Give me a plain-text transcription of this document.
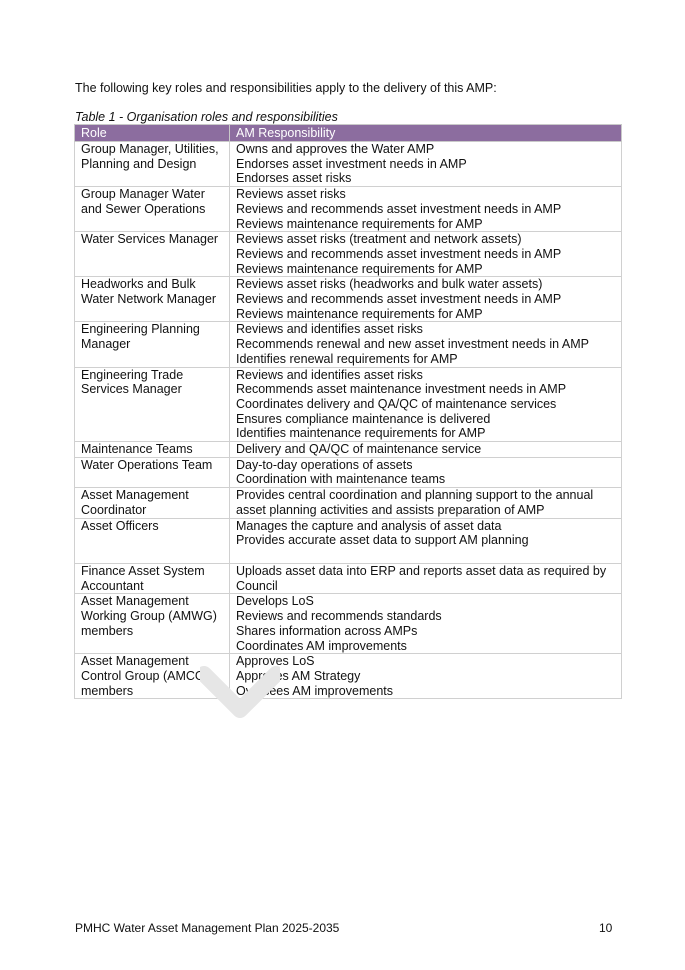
The following key roles and responsibilities apply to the delivery of this AMP:
Table 1 - Organisation roles and responsibilities
Role	AM Responsibility
Group Manager, Utilities, Planning and Design	Owns and approves the Water AMP
Endorses asset investment needs in AMP
Endorses asset risks

Group Manager Water and Sewer Operations	Reviews asset risks
Reviews and recommends asset investment needs in AMP
Reviews maintenance requirements for AMP

Water Services Manager	Reviews asset risks (treatment and network assets)
Reviews and recommends asset investment needs in AMP
Reviews maintenance requirements for AMP

Headworks and Bulk Water Network Manager	Reviews asset risks (headworks and bulk water assets)
Reviews and recommends asset investment needs in AMP
Reviews maintenance requirements for AMP

Engineering Planning Manager	Reviews and identifies asset risks
Recommends renewal and new asset investment needs in AMP
Identifies renewal requirements for AMP

Engineering Trade Services Manager	Reviews and identifies asset risks
Recommends asset maintenance investment needs in AMP
Coordinates delivery and QA/QC of maintenance services
Ensures compliance maintenance is delivered
Identifies maintenance requirements for AMP

Maintenance Teams	Delivery and QA/QC of maintenance service

Water Operations Team	Day-to-day operations of assets
Coordination with maintenance teams

Asset Management Coordinator	Provides central coordination and planning support to the annual asset planning activities and assists preparation of AMP

Asset Officers	Manages the capture and analysis of asset data
Provides accurate asset data to support AM planning

Finance Asset System Accountant	Uploads asset data into ERP and reports asset data as required by Council

Asset Management Working Group (AMWG) members	Develops LoS
Reviews and recommends standards
Shares information across AMPs
Coordinates AM improvements

Asset Management Control Group (AMCG) members	Approves LoS
Approves AM Strategy
Oversees AM improvements
PMHC Water Asset Management Plan 2025-2035	10
